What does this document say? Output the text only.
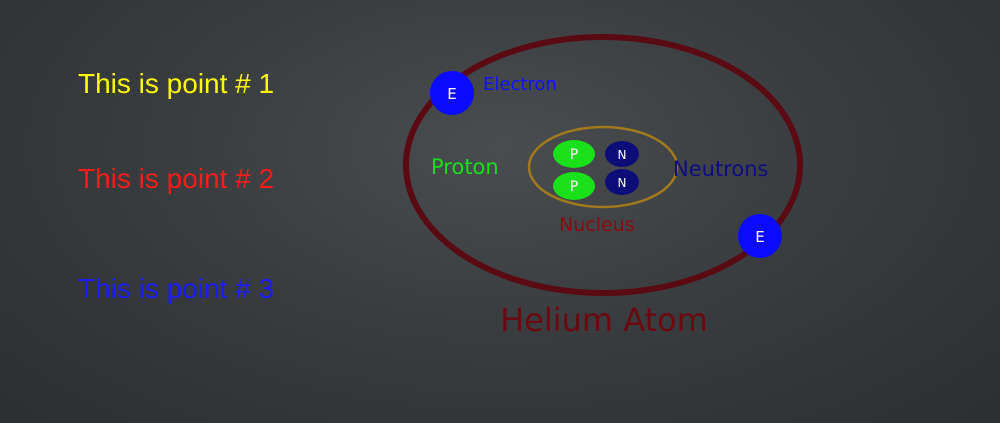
This is point # 1
This is point # 2
This is point # 3
P
P
N
N
E
E
Electron
Proton	Neutrons
Nucleus
Helium Atom
